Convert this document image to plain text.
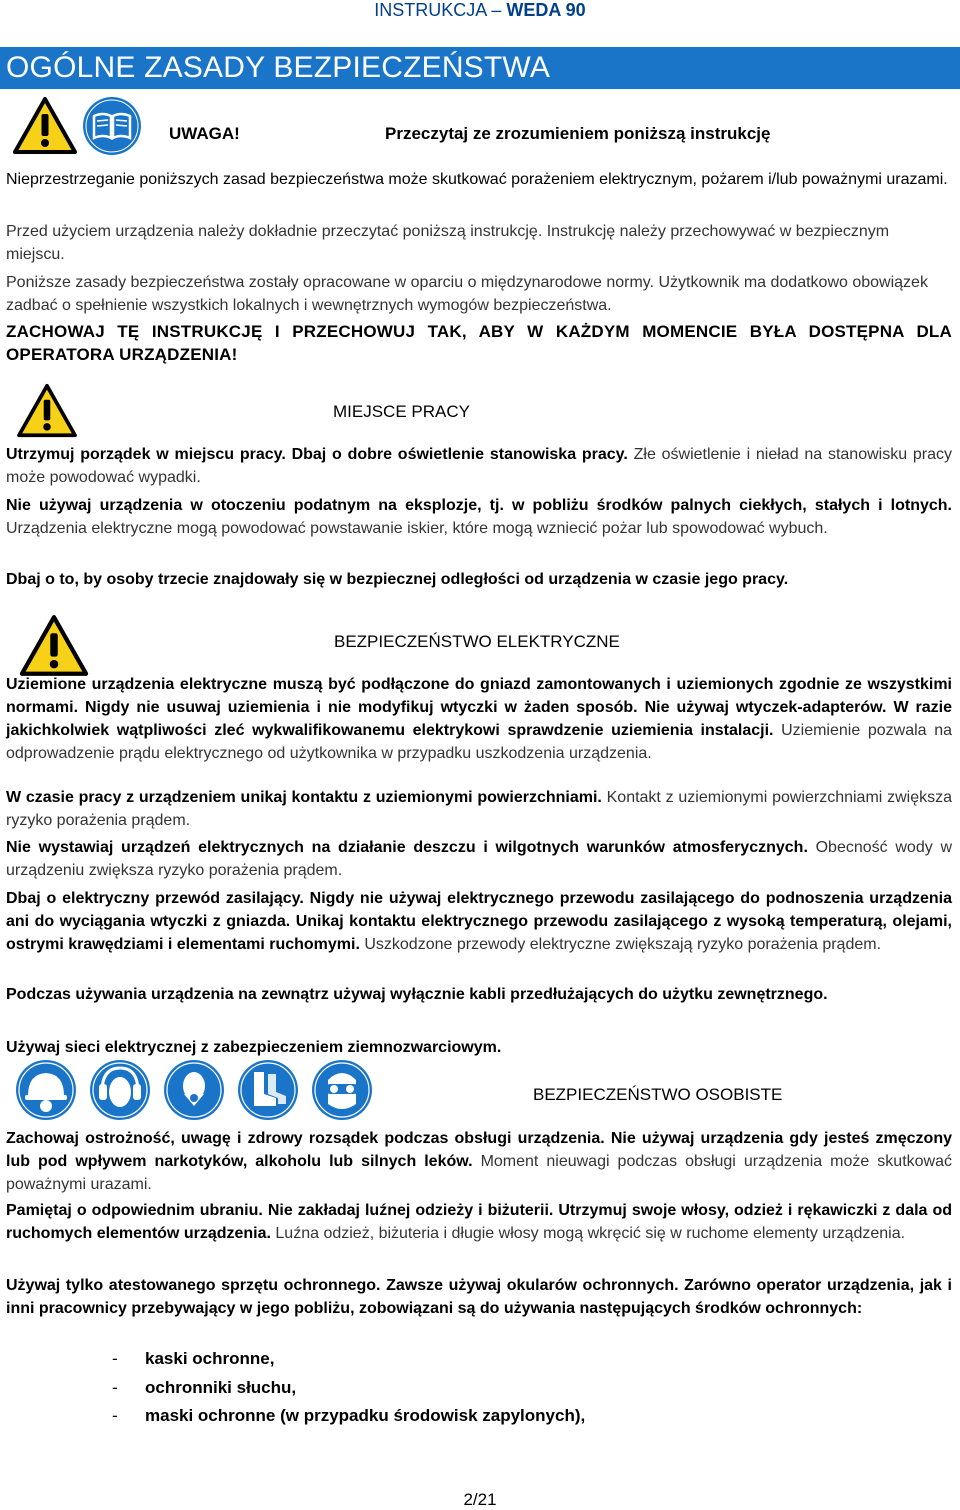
INSTRUKCJA – WEDA 90
OGÓLNE ZASADY BEZPIECZEŃSTWA
UWAGA!	Przeczytaj ze zrozumieniem poniższą instrukcję
Nieprzestrzeganie poniższych zasad bezpieczeństwa może skutkować porażeniem elektrycznym, pożarem i/lub poważnymi urazami.
Przed użyciem urządzenia należy dokładnie przeczytać poniższą instrukcję. Instrukcję należy przechowywać w bezpiecznym miejscu.
Poniższe zasady bezpieczeństwa zostały opracowane w oparciu o międzynarodowe normy. Użytkownik ma dodatkowo obowiązek zadbać o spełnienie wszystkich lokalnych i wewnętrznych wymogów bezpieczeństwa.
ZACHOWAJ TĘ INSTRUKCJĘ I PRZECHOWUJ TAK, ABY W KAŻDYM MOMENCIE BYŁA DOSTĘPNA DLA OPERATORA URZĄDZENIA!
MIEJSCE PRACY
Utrzymuj porządek w miejscu pracy. Dbaj o dobre oświetlenie stanowiska pracy. Złe oświetlenie i nieład na stanowisku pracy może powodować wypadki.
Nie używaj urządzenia w otoczeniu podatnym na eksplozje, tj. w pobliżu środków palnych ciekłych, stałych i lotnych. Urządzenia elektryczne mogą powodować powstawanie iskier, które mogą wzniecić pożar lub spowodować wybuch.
Dbaj o to, by osoby trzecie znajdowały się w bezpiecznej odległości od urządzenia w czasie jego pracy.
BEZPIECZEŃSTWO ELEKTRYCZNE
Uziemione urządzenia elektryczne muszą być podłączone do gniazd zamontowanych i uziemionych zgodnie ze wszystkimi normami. Nigdy nie usuwaj uziemienia i nie modyfikuj wtyczki w żaden sposób. Nie używaj wtyczek-adapterów. W razie jakichkolwiek wątpliwości zleć wykwalifikowanemu elektrykowi sprawdzenie uziemienia instalacji. Uziemienie pozwala na odprowadzenie prądu elektrycznego od użytkownika w przypadku uszkodzenia urządzenia.
W czasie pracy z urządzeniem unikaj kontaktu z uziemionymi powierzchniami. Kontakt z uziemionymi powierzchniami zwiększa ryzyko porażenia prądem.
Nie wystawiaj urządzeń elektrycznych na działanie deszczu i wilgotnych warunków atmosferycznych. Obecność wody w urządzeniu zwiększa ryzyko porażenia prądem.
Dbaj o elektryczny przewód zasilający. Nigdy nie używaj elektrycznego przewodu zasilającego do podnoszenia urządzenia ani do wyciągania wtyczki z gniazda. Unikaj kontaktu elektrycznego przewodu zasilającego z wysoką temperaturą, olejami, ostrymi krawędziami i elementami ruchomymi. Uszkodzone przewody elektryczne zwiększają ryzyko porażenia prądem.
Podczas używania urządzenia na zewnątrz używaj wyłącznie kabli przedłużających do użytku zewnętrznego.
Używaj sieci elektrycznej z zabezpieczeniem ziemnozwarciowym.
BEZPIECZEŃSTWO OSOBISTE
Zachowaj ostrożność, uwagę i zdrowy rozsądek podczas obsługi urządzenia. Nie używaj urządzenia gdy jesteś zmęczony lub pod wpływem narkotyków, alkoholu lub silnych leków. Moment nieuwagi podczas obsługi urządzenia może skutkować poważnymi urazami.
Pamiętaj o odpowiednim ubraniu. Nie zakładaj luźnej odzieży i biżuterii. Utrzymuj swoje włosy, odzież i rękawiczki z dala od ruchomych elementów urządzenia. Luźna odzież, biżuteria i długie włosy mogą wkręcić się w ruchome elementy urządzenia.
Używaj tylko atestowanego sprzętu ochronnego. Zawsze używaj okularów ochronnych. Zarówno operator urządzenia, jak i inni pracownicy przebywający w jego pobliżu, zobowiązani są do używania następujących środków ochronnych:
- kaski ochronne,
- ochronniki słuchu,
- maski ochronne (w przypadku środowisk zapylonych),
2/21
